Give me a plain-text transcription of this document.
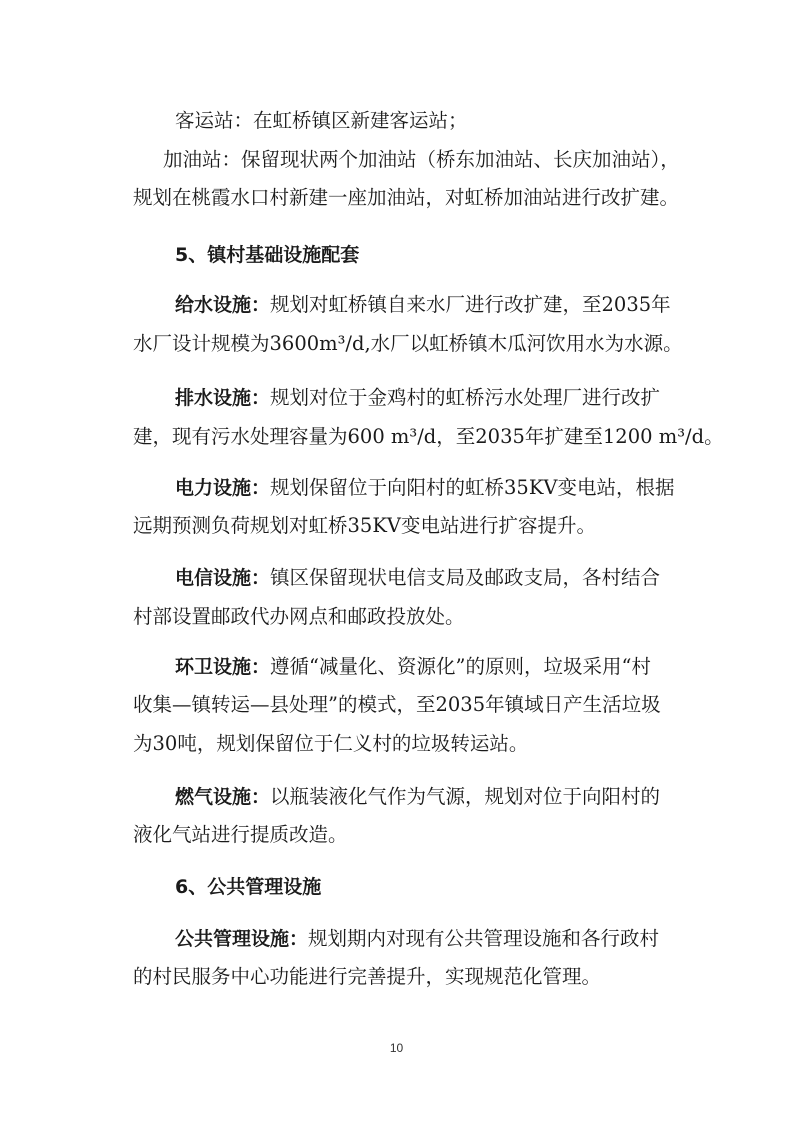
客运站：在虹桥镇区新建客运站；
加油站：保留现状两个加油站（桥东加油站、长庆加油站），
规划在桃霞水口村新建一座加油站，对虹桥加油站进行改扩建。
5、镇村基础设施配套
给水设施：规划对虹桥镇自来水厂进行改扩建，至2035年
水厂设计规模为3600m³/d,水厂以虹桥镇木瓜河饮用水为水源。
排水设施：规划对位于金鸡村的虹桥污水处理厂进行改扩
建，现有污水处理容量为600 m³/d，至2035年扩建至1200 m³/d。
电力设施：规划保留位于向阳村的虹桥35KV变电站，根据
远期预测负荷规划对虹桥35KV变电站进行扩容提升。
电信设施：镇区保留现状电信支局及邮政支局，各村结合
村部设置邮政代办网点和邮政投放处。
环卫设施：遵循“减量化、资源化”的原则，垃圾采用“村
收集—镇转运—县处理”的模式，至2035年镇域日产生活垃圾
为30吨，规划保留位于仁义村的垃圾转运站。
燃气设施：以瓶装液化气作为气源，规划对位于向阳村的
液化气站进行提质改造。
6、公共管理设施
公共管理设施：规划期内对现有公共管理设施和各行政村
的村民服务中心功能进行完善提升，实现规范化管理。
10
